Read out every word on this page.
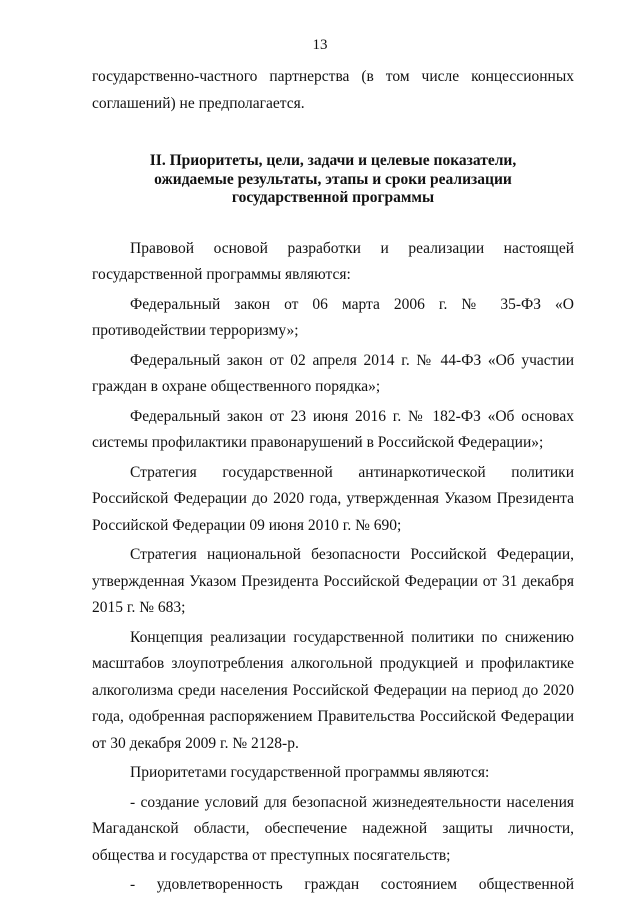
13

государственно-частного партнерства (в том числе концессионных соглашений) не предполагается.

II. Приоритеты, цели, задачи и целевые показатели,
ожидаемые результаты, этапы и сроки реализации
государственной программы

Правовой основой разработки и реализации настоящей государственной программы являются:

Федеральный закон от 06 марта 2006 г. № 35-ФЗ «О противодействии терроризму»;

Федеральный закон от 02 апреля 2014 г. № 44-ФЗ «Об участии граждан в охране общественного порядка»;

Федеральный закон от 23 июня 2016 г. № 182-ФЗ «Об основах системы профилактики правонарушений в Российской Федерации»;

Стратегия государственной антинаркотической политики Российской Федерации до 2020 года, утвержденная Указом Президента Российской Федерации 09 июня 2010 г. № 690;

Стратегия национальной безопасности Российской Федерации, утвержденная Указом Президента Российской Федерации от 31 декабря 2015 г. № 683;

Концепция реализации государственной политики по снижению масштабов злоупотребления алкогольной продукцией и профилактике алкоголизма среди населения Российской Федерации на период до 2020 года, одобренная распоряжением Правительства Российской Федерации от 30 декабря 2009 г. № 2128-р.

Приоритетами государственной программы являются:

- создание условий для безопасной жизнедеятельности населения Магаданской области, обеспечение надежной защиты личности, общества и государства от преступных посягательств;

- удовлетворенность граждан состоянием общественной
